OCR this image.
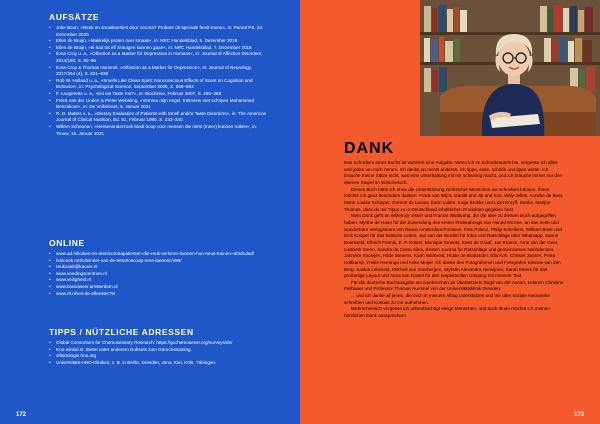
AUFSÄTZE
• Joke Boon, »Reuk en smaakverlies door corona? Probeer dit speciale feest-menu«, in: Parool PS, 24. Dezember 2020
• Ellen de Bruijn, »Makkelijk proten over smaak«, in: NRC Handelsblad, 5. Dezember 2018
• Ellen de Bruijn, »Ik had tot elf zintuigen kunnen gaan«, in: NRC Handelsblad, 7. Dezember 2018
• Ilona Croy u. a., »Olfaction as a Marker for Depression in Humans«, in: Journal of Affective Disorders, 2014/160, S. 80–86
• Ilona Croy & Thomas Hummel, »Olfaction as a Marker for Depression«, in: Journal of Neurology, 2017/264 (4), S. 631–638
• Rob W. Holland u. a., »Smells Like Clean Spirit: Nonconscious Effects of Scent on Cognition and Behavior«, in: Psychological Science, September 2005, S. 689–693
• F. Laugerette u. a., »Do we Taste Fat?«, in: Biochimie, Februar 2007, S. 265–269
• Frénk van der Linden & Pieter Webeling, »Vemma mijn engel. Interview met schrijver Mohammed Benzakour«, in: De Volkskrant, 5. Januar 2021
• R. D. Mattes u. a., »Dietary Evaluation of Patients with Smell and/or Taste Disorders«, in: The American Journal of Clinical Nutrition, Bd. 51, Februar 1990, S. 233–240
• Willem Schoonen, »Hersenonderzoek biedt hoop voor mensen die niets (meer) kunnen ruiken«, in: Trouw, 16. Januar 2021
ONLINE
• www.ad.nl/koken-en-eten/coronapatienten-die-reuk-verloren-kunnen-hun-neus-trainen~af3d1dad/
• historiek.net/uitvinder-van-de-tetrahoscoop-rene-laennec/499/
• reukzaak@kaonis.nl
• www.voedingscentrum.nl
• www.veiligheid.nl
• www.brandweer.amsterdam.nl
• www.rtl.nl/vet-de-afleester75/
TIPPS / NÜTZLICHE ADRESSEN
• Global Consortium for Chemosensory Research: https://gcchemosensr.org/surveys/de/
• Kno-winkel.nl: Bietet unter anderem Duftsets zum Geruchstraining.
• olfaktologie.hno.org
• Universitäts-HNO-Kliniken, z. B. in Berlin, Dresden, Jena, Kiel, Köln, Tübingen.
172	173
DANK

Das Schreiben eines Buchs ist wahrlich eine Aufgabe. Wenn ich im Schreibrausch bin, vergesse ich alles und jeden um mich herum. Ich denke an nichts anderes, ich tippe, esse, schlafe und tippe weiter. Ich brauche meine Sätze nicht, was eine Unterhaltung mit mir schwierig macht, und ich brauche immer nur den ebenen Stapel im Wäschekorb.

Dieses Buch hätte ich ohne die Unterstützung zahlreicher Menschen nie schreiben können. Ihnen möchte ich ganz besonders danken: Frank van Wijck, Daniël und Jip und Eva, Willy-Jelles, Anneke de Boer, Marie Louise Schipper, Gereon de Leeuw, Karin Luiten, Katja Brokke und Lizet Kruyff. Danke, Marijne Thomas, dass du mir Tipps zu in Deutschland erhältlichen Produkten gegeben hast.

Mein Dank geht an Willemijn Visser und Francis Wattkamp, die die Idee zu diesem Buch aufgegriffen haben. Myrthe de Haan für die Zuwendung des ersten Probeabzugs von Harold McGee, an das nette und wunderbare Verlagsteam von Nieuw Amsterdam/Fontaine, Frits Polanz, Philip Schellens, Willbert Boek und Dick Kooper für das kritische Lesen, Jan van der Borden für Infos und Ratschläge über Whatsapp, Sanne Boersveld, Elbrich Fennis, E. P. Köster, Monique Smeets, Kees de Graaf, Jan Kroeze, Arne van der Geer, Liesbeth Steen, Sandra da Costa Silva, Kirsten Juurma für Ratschläge und gemeinsames Nachdenken, Janneke Snoeijen, Hilde Stevens, Karin Walsveld, Hidde de Brabander, Ella Kok, Christel Jansen, Petra Hoftkamp, Ynske Heeringa und Anke Meijer. Ich danke den Fotografinnen und Fotografen Simone van den Berg, Saskia Lelieveld, Mitchell van Voorbergen, Stylistin Alexandra Herwijnen, Sarah Meers für das großartige Layout und Anna van Gastel für den respektvollen Umgang mit meinem Text.

Für die deutsche Buchausgabe ein Dankeschön an Übersetzerin Birgit van der Avoort, Lektorin Christine Feilhauer und Professor Thomas Hummel von der Universitätsklinik Dresden.

... und ich danke all jenen, die mich in meinem Alltag unterstützen und mir über soziale Netzwerke schreiben und Kontakt zu mir aufnehmen.

Wahrscheinlich vergesse ich unbeabsichtigt einige Menschen, und auch ihnen möchte ich meinen herzlichen Dank aussprechen!
